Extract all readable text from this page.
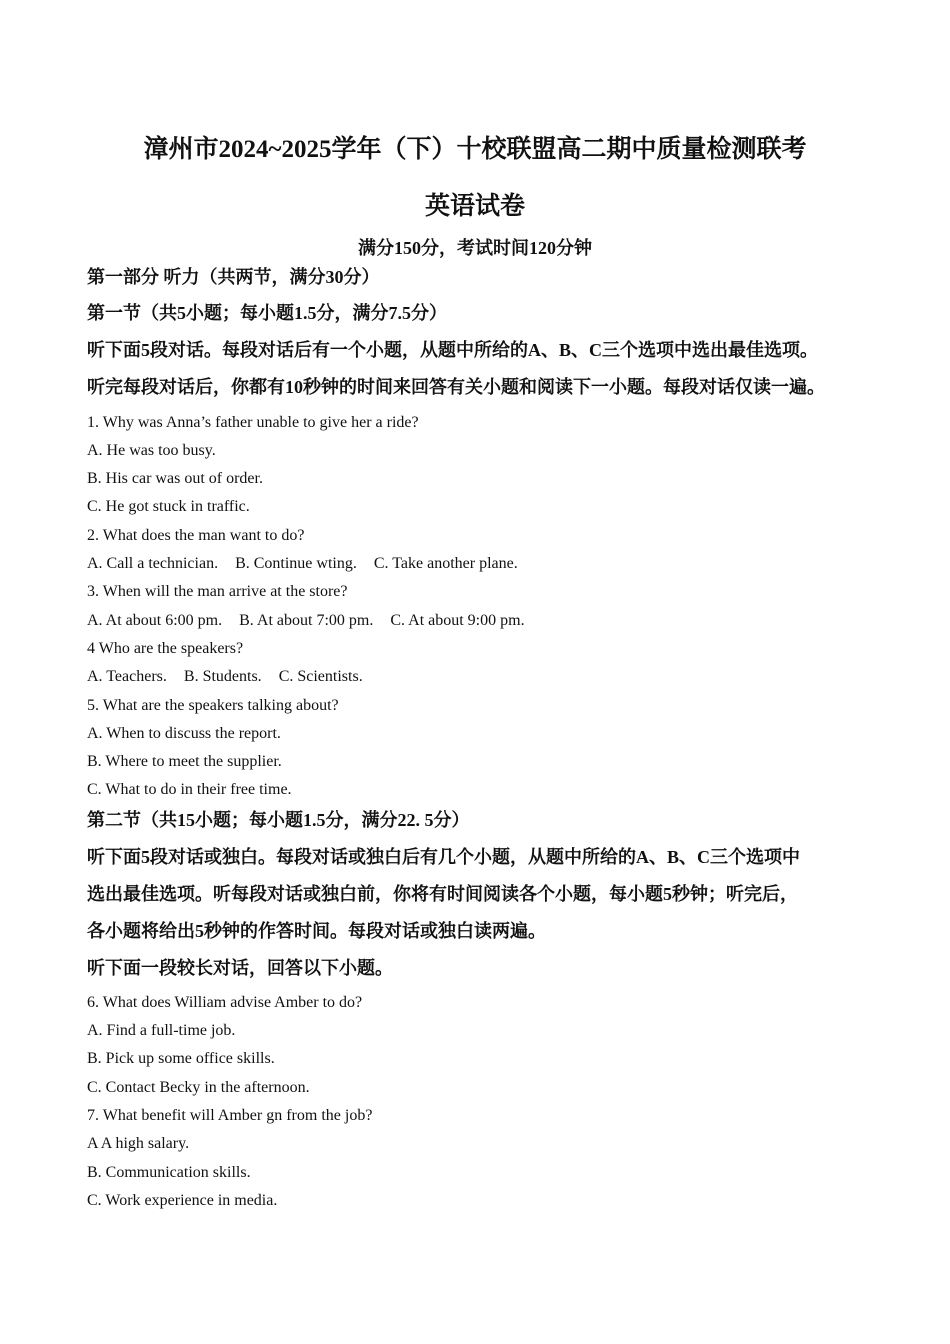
漳州市2024~2025学年（下）十校联盟高二期中质量检测联考
英语试卷
满分150分，考试时间120分钟
第一部分 听力（共两节，满分30分）
第一节（共5小题；每小题1.5分，满分7.5分）
听下面5段对话。每段对话后有一个小题，从题中所给的A、B、C三个选项中选出最佳选项。
听完每段对话后，你都有10秒钟的时间来回答有关小题和阅读下一小题。每段对话仅读一遍。
1. Why was Anna’s father unable to give her a ride?
A. He was too busy.
B. His car was out of order.
C. He got stuck in traffic.
2. What does the man want to do?
A. Call a technician. B. Continue wting. C. Take another plane.
3. When will the man arrive at the store?
A. At about 6:00 pm. B. At about 7:00 pm. C. At about 9:00 pm.
4 Who are the speakers?
A. Teachers. B. Students. C. Scientists.
5. What are the speakers talking about?
A. When to discuss the report.
B. Where to meet the supplier.
C. What to do in their free time.
第二节（共15小题；每小题1.5分，满分22. 5分）
听下面5段对话或独白。每段对话或独白后有几个小题，从题中所给的A、B、C三个选项中
选出最佳选项。听每段对话或独白前，你将有时间阅读各个小题，每小题5秒钟；听完后，
各小题将给出5秒钟的作答时间。每段对话或独白读两遍。
听下面一段较长对话，回答以下小题。
6. What does William advise Amber to do?
A. Find a full-time job.
B. Pick up some office skills.
C. Contact Becky in the afternoon.
7. What benefit will Amber gn from the job?
A A high salary.
B. Communication skills.
C. Work experience in media.
